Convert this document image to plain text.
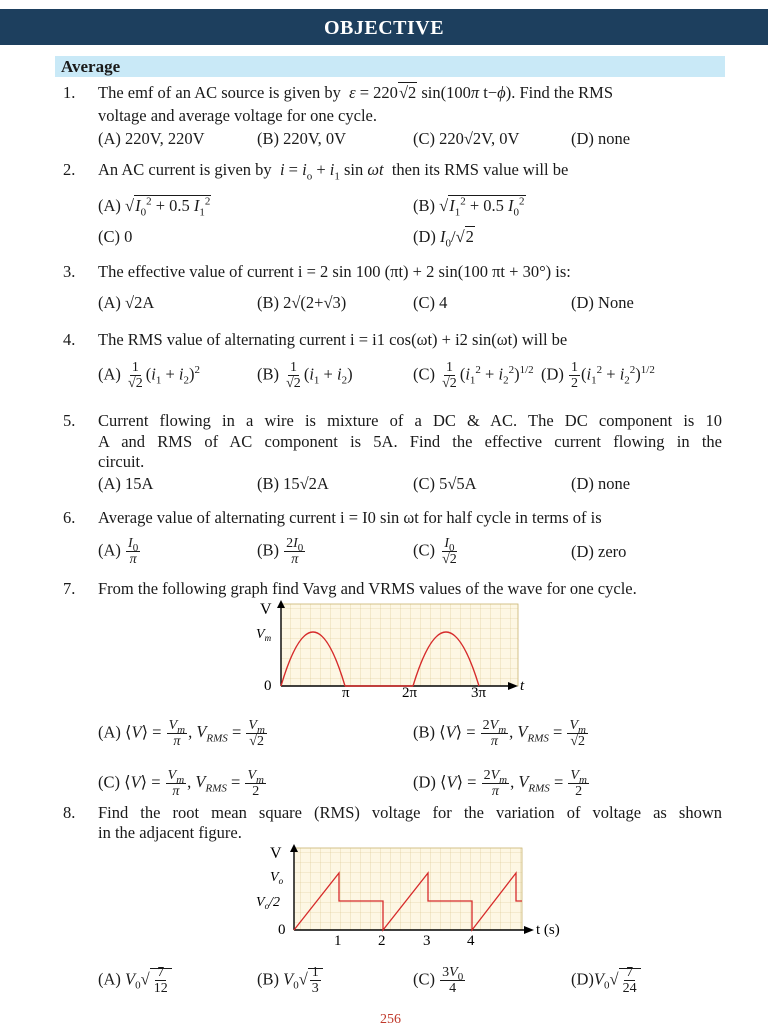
OBJECTIVE
Average
1. The emf of an AC source is given by ε = 220√2 sin(100π t−ϕ). Find the RMS
voltage and average voltage for one cycle.
(A) 220V, 220V	(B) 220V, 0V	(C) 220√2V, 0V	(D) none
2. An AC current is given by $i = i_o + i_1$ sin ωt then its RMS value will be
(A) $√I_0^2 + 0.5$ $I_1^2$	(B) $√I_1^2 + 0.5$ $I_0^2$
(C) 0	(D) $I_0/√2$
3. The effective value of current i = 2 sin 100 (πt) + 2 sin(100 πt + 30°) is:
(A) √2A	(B) 2√(2+√3)	(C) 4	(D) None
4. The RMS value of alternating current i = i1 cos(ωt) + i2 sin(ωt) will be
$(A) \frac{1}{√2} (i_1 + i_2)^2$	$(B) \frac{1}{√2} (i_1 + i_2)$	$(C) \frac{1}{√2} (i_1^2 + i_2^2)^{1/2}$ $(D) \frac{1}{2} (i_1^2 + i_2^2)^{1/2}$
5. Current flowing in a wire is mixture of a DC & AC. The DC component is 10
A and RMS of AC component is 5A. Find the effective current flowing in the
circuit.
(A) 15A	(B) 15√2A	(C) 5√5A	(D) none
6. Average value of alternating current i = I0 sin ωt for half cycle in terms of is
$(A) \frac{I_0}{\pi}$	$(B) \frac{2I_0}{\pi}$	$(C) \frac{I_0}{√2}$	(D) zero
7. From the following graph find Vavg and VRMS values of the wave for one cycle.
V
$V_m$
0	π	2π	3π t
(A) ⟨V⟩ = $\frac{V_m}{\pi}$ , $V_{RMS} = \frac{V_m}{√2}$	(B) ⟨V⟩ = $\frac{2V_m}{\pi}$ , $V_{RMS} = \frac{V_m}{√2}$
(C) ⟨V⟩ = $\frac{V_m}{\pi}$ , $V_{RMS} = \frac{V_m}{2}$	(D) ⟨V⟩ = $\frac{2V_m}{\pi}$ , $V_{RMS} = \frac{V_m}{2}$
8. Find the root mean square (RMS) voltage for the variation of voltage as shown
in the adjacent figure.
V
$V_o$
$V_o/2$
0
1 2	3 4
t (s)
(A) $V_0√ \frac{7}{12}$	(B) $V_0√ \frac{1}{3}$	$(C) \frac{3V_0}{4}$	$(D)V_0√ \frac{7}{24}$
256
